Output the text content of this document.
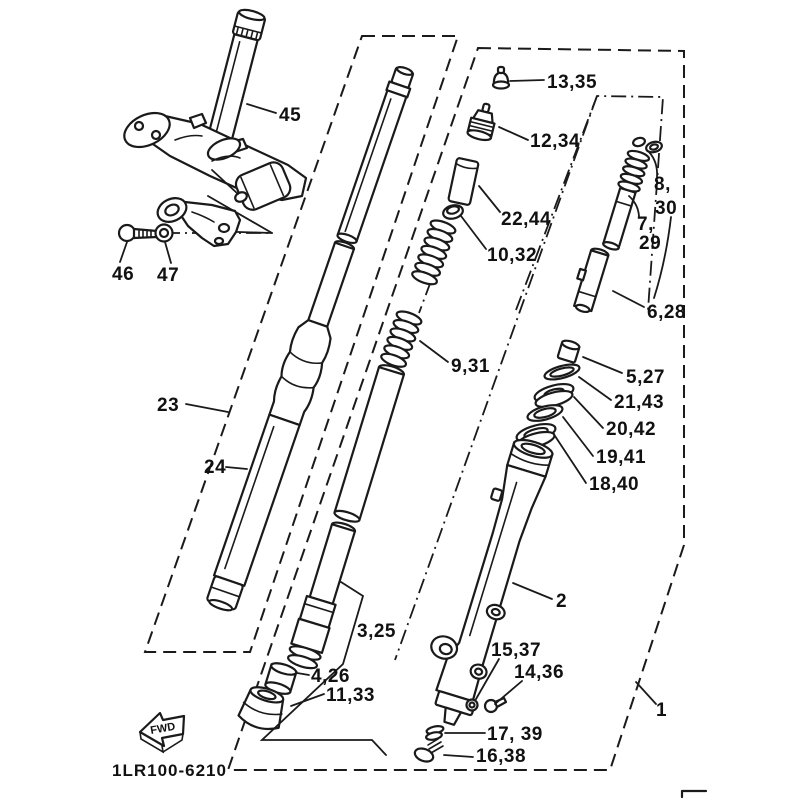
FWD
45
46 47
23
24
13,35
12,34
22,44
10,32
9,31
8,
30
7,
29
6,28
5,27
21,43
20,42
19,41
18,40
2
3,25
4,26
11,33
15,37
14,36
1
17, 39
16,38
1LR100-6210
